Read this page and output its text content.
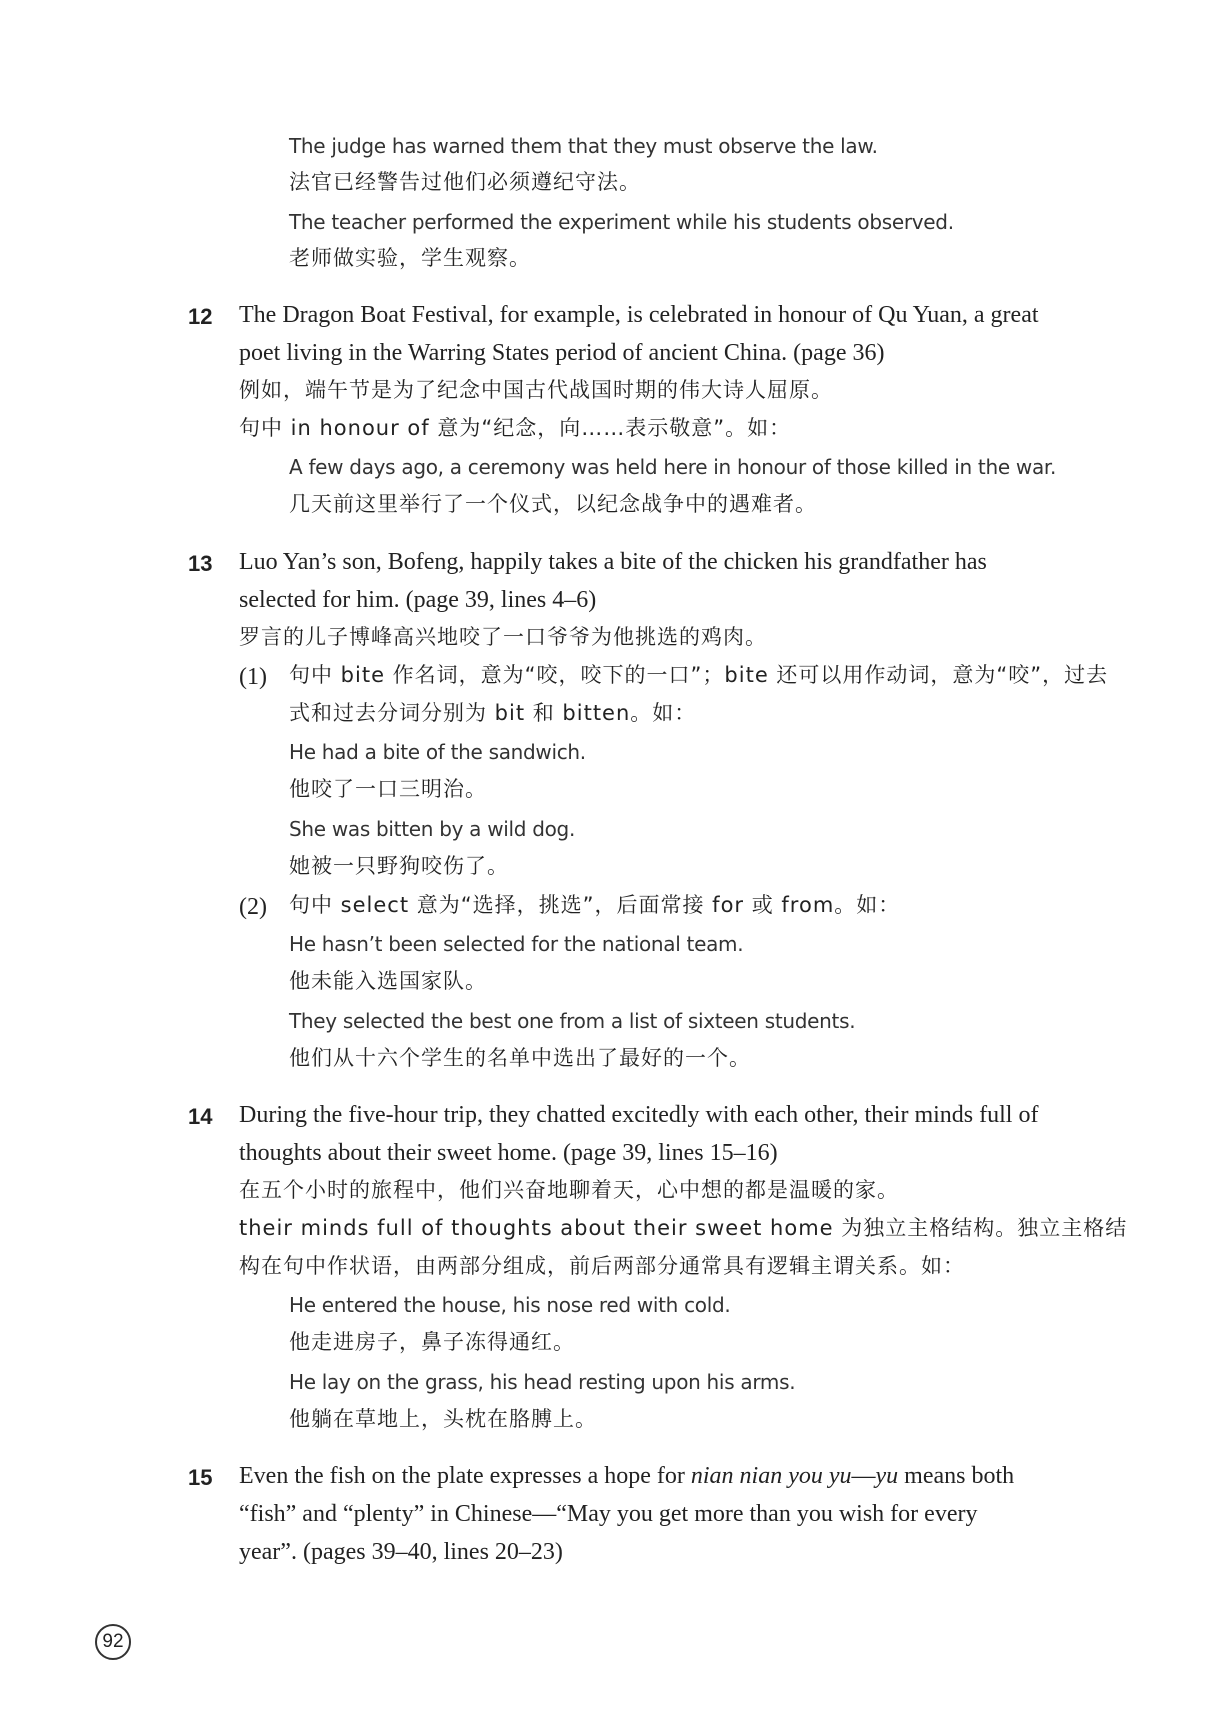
The judge has warned them that they must observe the law.
法官已经警告过他们必须遵纪守法。
The teacher performed the experiment while his students observed.
老师做实验，学生观察。
12 The Dragon Boat Festival, for example, is celebrated in honour of Qu Yuan, a great
poet living in the Warring States period of ancient China. (page 36)
例如，端午节是为了纪念中国古代战国时期的伟大诗人屈原。
句中 in honour of 意为“纪念，向……表示敬意”。如：
A few days ago, a ceremony was held here in honour of those killed in the war.
几天前这里举行了一个仪式，以纪念战争中的遇难者。
13 Luo Yan’s son, Bofeng, happily takes a bite of the chicken his grandfather has
selected for him. (page 39, lines 4–6)
罗言的儿子博峰高兴地咬了一口爷爷为他挑选的鸡肉。
(1) 句中 bite 作名词，意为“咬，咬下的一口”；bite 还可以用作动词，意为“咬”，过去
式和过去分词分别为 bit 和 bitten。如：
He had a bite of the sandwich.
他咬了一口三明治。
She was bitten by a wild dog.
她被一只野狗咬伤了。
(2) 句中 select 意为“选择，挑选”，后面常接 for 或 from。如：
He hasn’t been selected for the national team.
他未能入选国家队。
They selected the best one from a list of sixteen students.
他们从十六个学生的名单中选出了最好的一个。
14 During the five-hour trip, they chatted excitedly with each other, their minds full of
thoughts about their sweet home. (page 39, lines 15–16)
在五个小时的旅程中，他们兴奋地聊着天，心中想的都是温暖的家。
their minds full of thoughts about their sweet home 为独立主格结构。独立主格结
构在句中作状语，由两部分组成，前后两部分通常具有逻辑主谓关系。如：
He entered the house, his nose red with cold.
他走进房子，鼻子冻得通红。
He lay on the grass, his head resting upon his arms.
他躺在草地上，头枕在胳膊上。
15 Even the fish on the plate expresses a hope for nian nian you yu—yu means both
“fish” and “plenty” in Chinese—“May you get more than you wish for every
year”. (pages 39–40, lines 20–23)
92
